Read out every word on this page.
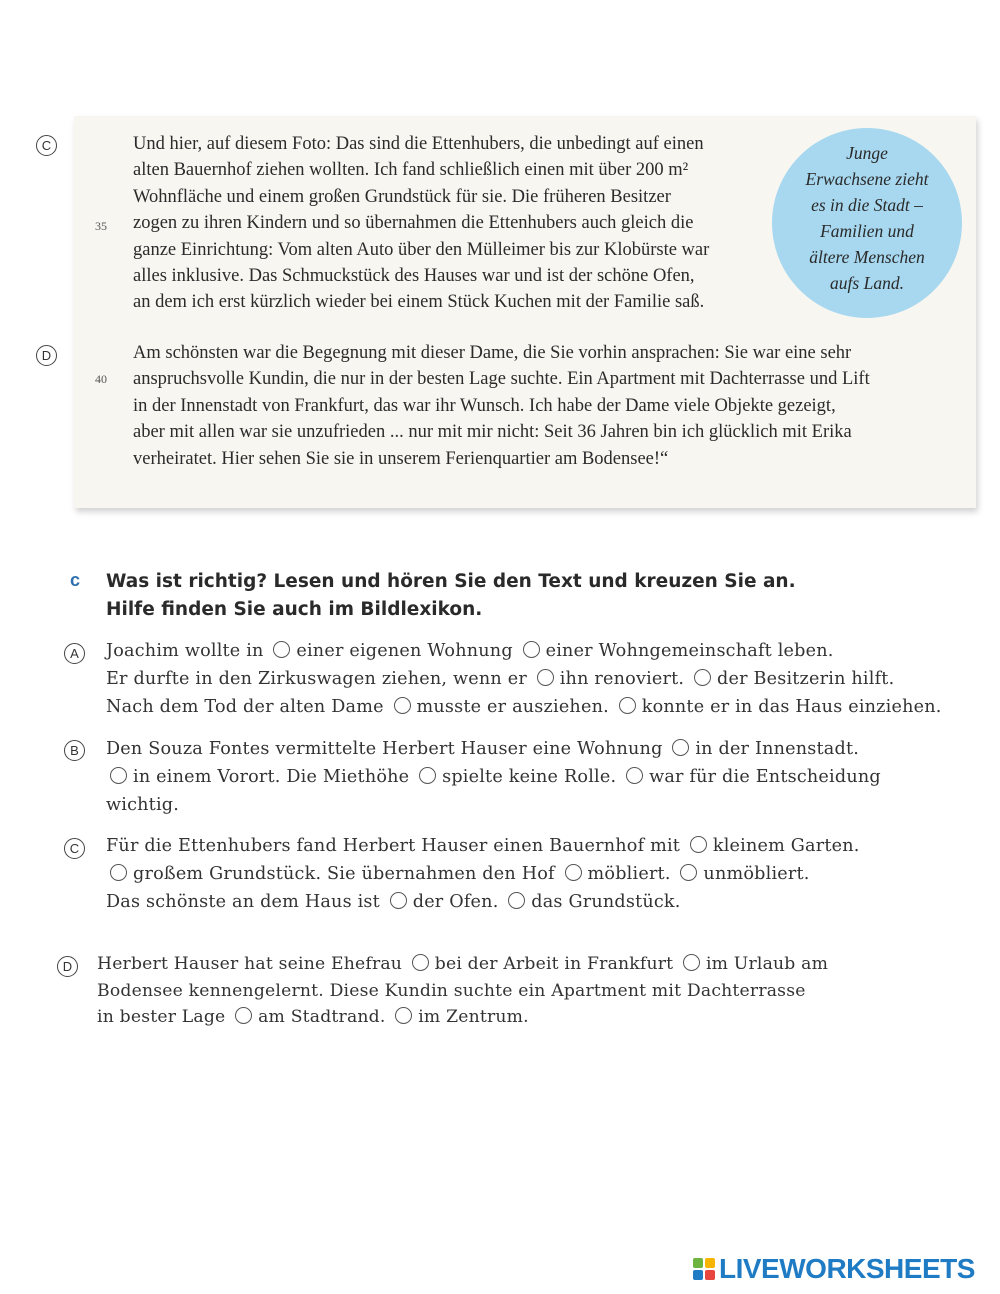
C
35
Und hier, auf diesem Foto: Das sind die Ettenhubers, die unbedingt auf einen
alten Bauernhof ziehen wollten. Ich fand schließlich einen mit über 200 m²
Wohnfläche und einem großen Grundstück für sie. Die früheren Besitzer
zogen zu ihren Kindern und so übernahmen die Ettenhubers auch gleich die
ganze Einrichtung: Vom alten Auto über den Mülleimer bis zur Klobürste war
alles inklusive. Das Schmuckstück des Hauses war und ist der schöne Ofen,
an dem ich erst kürzlich wieder bei einem Stück Kuchen mit der Familie saß.
D
40
Am schönsten war die Begegnung mit dieser Dame, die Sie vorhin ansprachen: Sie war eine sehr
anspruchsvolle Kundin, die nur in der besten Lage suchte. Ein Apartment mit Dachterrasse und Lift
in der Innenstadt von Frankfurt, das war ihr Wunsch. Ich habe der Dame viele Objekte gezeigt,
aber mit allen war sie unzufrieden ... nur mit mir nicht: Seit 36 Jahren bin ich glücklich mit Erika
verheiratet. Hier sehen Sie sie in unserem Ferienquartier am Bodensee!“
Junge
Erwachsene zieht
es in die Stadt –
Familien und
ältere Menschen
aufs Land.
c Was ist richtig? Lesen und hören Sie den Text und kreuzen Sie an.
Hilfe finden Sie auch im Bildlexikon.
A	Joachim wollte in einer eigenen Wohnung einer Wohngemeinschaft leben.
Er durfte in den Zirkuswagen ziehen, wenn er ihn renoviert. der Besitzerin hilft.
Nach dem Tod der alten Dame musste er ausziehen. konnte er in das Haus einziehen.
B	Den Souza Fontes vermittelte Herbert Hauser eine Wohnung in der Innenstadt.
in einem Vorort. Die Miethöhe spielte keine Rolle. war für die Entscheidung
wichtig.
C	Für die Ettenhubers fand Herbert Hauser einen Bauernhof mit kleinem Garten.
großem Grundstück. Sie übernahmen den Hof möbliert. unmöbliert.
Das schönste an dem Haus ist der Ofen. das Grundstück.
D	Herbert Hauser hat seine Ehefrau bei der Arbeit in Frankfurt im Urlaub am
Bodensee kennengelernt. Diese Kundin suchte ein Apartment mit Dachterrasse
in bester Lage am Stadtrand. im Zentrum.
LIVEWORKSHEETS
